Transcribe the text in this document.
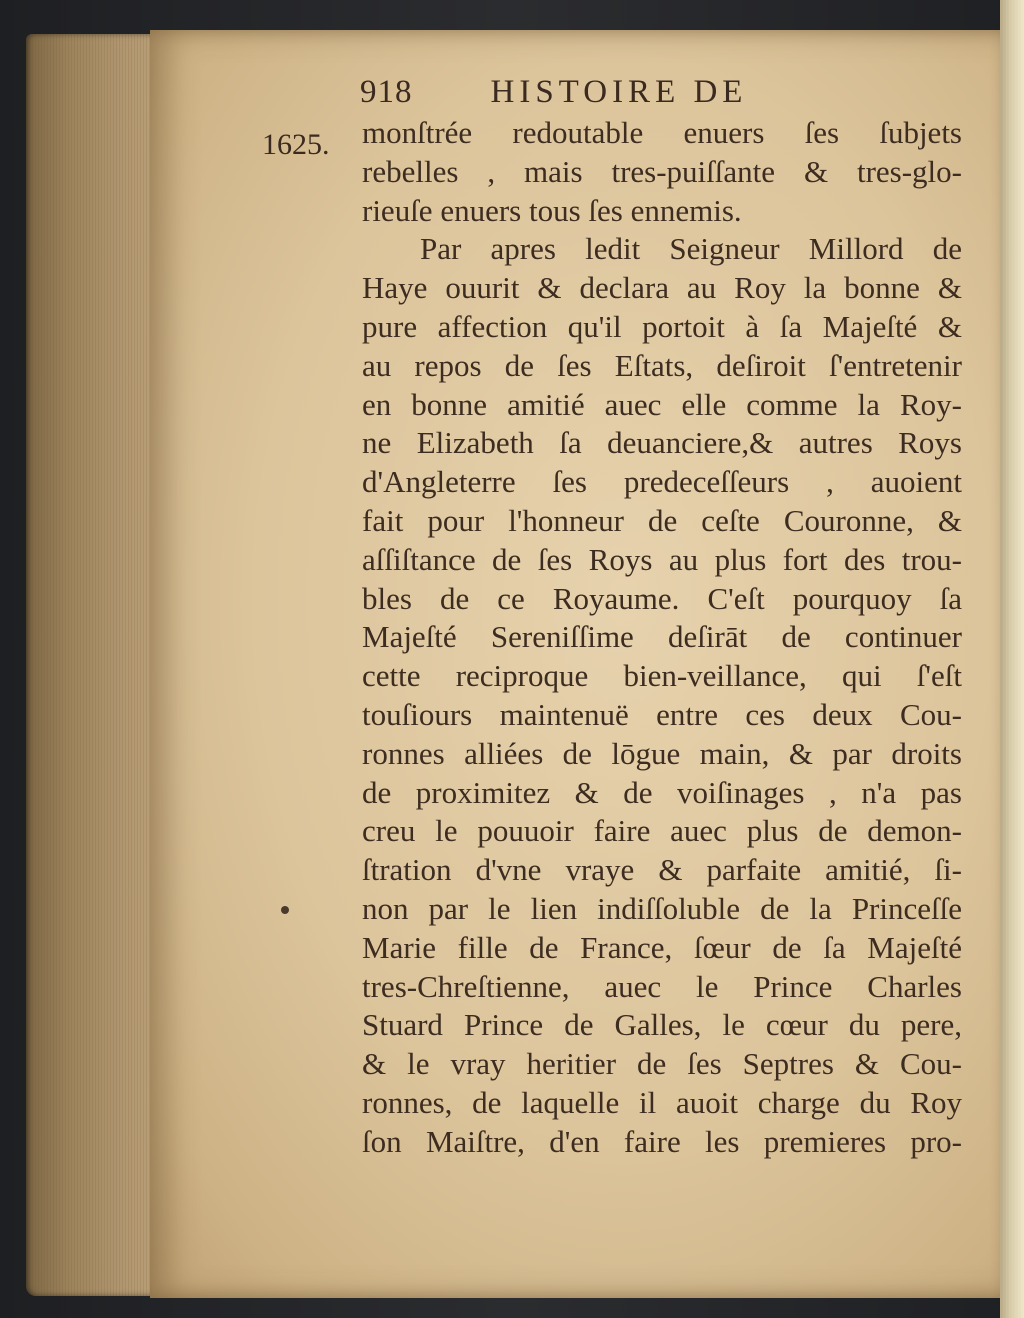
918 HISTOIRE DE
1625. monſtrée redoutable enuers ſes ſubjets
rebelles , mais tres-puiſſante & tres-glo-
rieuſe enuers tous ſes ennemis.
Par apres ledit Seigneur Millord de
Haye ouurit & declara au Roy la bonne &
pure affection qu'il portoit à ſa Majeſté &
au repos de ſes Eſtats, deſiroit ſ'entretenir
en bonne amitié auec elle comme la Roy-
ne Elizabeth ſa deuanciere,& autres Roys
d'Angleterre ſes predeceſſeurs , auoient
fait pour l'honneur de ceſte Couronne, &
aſſiſtance de ſes Roys au plus fort des trou-
bles de ce Royaume. C'eſt pourquoy ſa
Majeſté Sereniſſime deſirāt de continuer
cette reciproque bien-veillance, qui ſ'eſt
touſiours maintenuë entre ces deux Cou-
ronnes alliées de lōgue main, & par droits
de proximitez & de voiſinages , n'a pas
creu le pouuoir faire auec plus de demon-
ſtration d'vne vraye & parfaite amitié, ſi-
non par le lien indiſſoluble de la Princeſſe
Marie fille de France, ſœur de ſa Majeſté
tres-Chreſtienne, auec le Prince Charles
Stuard Prince de Galles, le cœur du pere,
& le vray heritier de ſes Septres & Cou-
ronnes, de laquelle il auoit charge du Roy
ſon Maiſtre, d'en faire les premieres pro-
